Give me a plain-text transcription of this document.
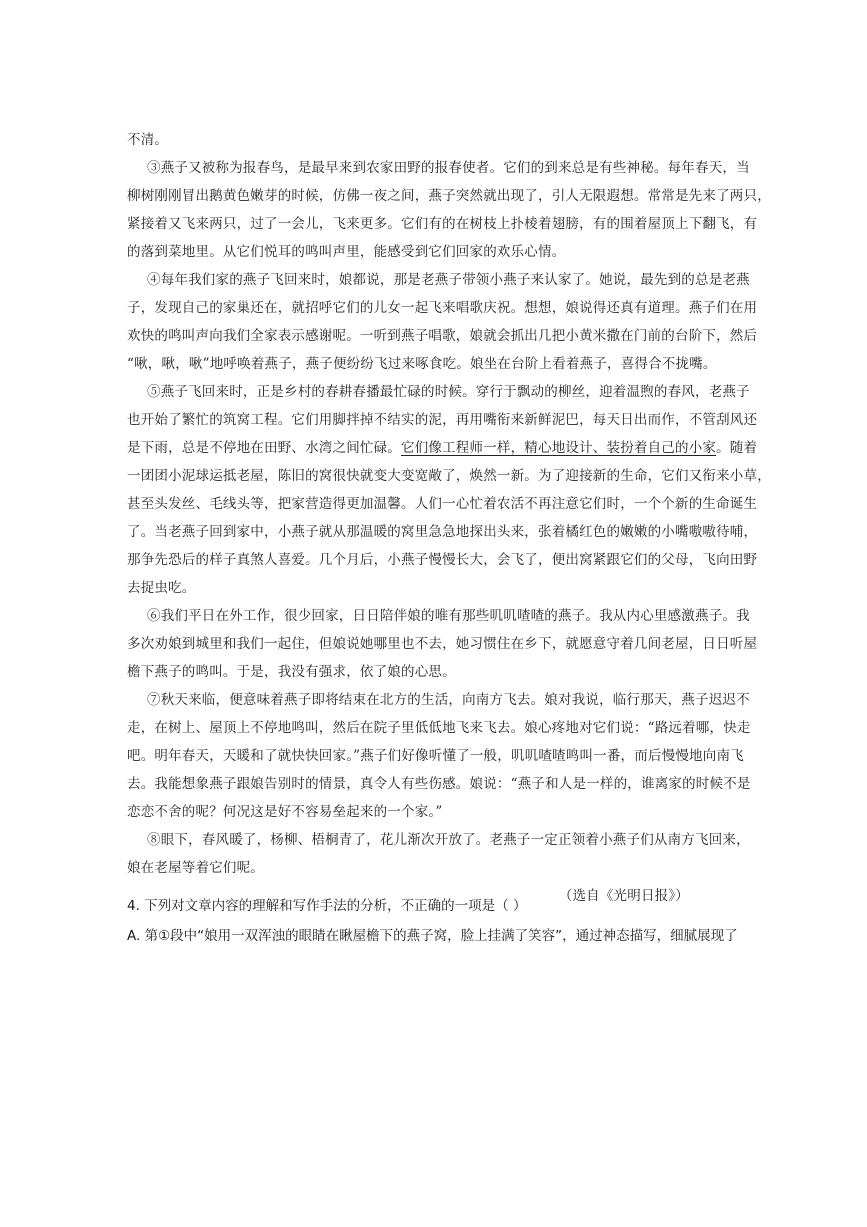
不清。
③燕子又被称为报春鸟，是最早来到农家田野的报春使者。它们的到来总是有些神秘。每年春天，当
柳树刚刚冒出鹅黄色嫩芽的时候，仿佛一夜之间，燕子突然就出现了，引人无限遐想。常常是先来了两只，
紧接着又飞来两只，过了一会儿，飞来更多。它们有的在树枝上扑棱着翅膀，有的围着屋顶上下翻飞，有
的落到菜地里。从它们悦耳的鸣叫声里，能感受到它们回家的欢乐心情。
④每年我们家的燕子飞回来时，娘都说，那是老燕子带领小燕子来认家了。她说，最先到的总是老燕
子，发现自己的家巢还在，就招呼它们的儿女一起飞来唱歌庆祝。想想，娘说得还真有道理。燕子们在用
欢快的鸣叫声向我们全家表示感谢呢。一听到燕子唱歌，娘就会抓出几把小黄米撒在门前的台阶下，然后
“啾，啾，啾”地呼唤着燕子，燕子便纷纷飞过来啄食吃。娘坐在台阶上看着燕子，喜得合不拢嘴。
⑤燕子飞回来时，正是乡村的春耕春播最忙碌的时候。穿行于飘动的柳丝，迎着温煦的春风，老燕子
也开始了繁忙的筑窝工程。它们用脚拌掉不结实的泥，再用嘴衔来新鲜泥巴，每天日出而作，不管刮风还
是下雨，总是不停地在田野、水湾之间忙碌。它们像工程师一样，精心地设计、装扮着自己的小家。随着
一团团小泥球运抵老屋，陈旧的窝很快就变大变宽敞了，焕然一新。为了迎接新的生命，它们又衔来小草，
甚至头发丝、毛线头等，把家营造得更加温馨。人们一心忙着农活不再注意它们时，一个个新的生命诞生
了。当老燕子回到家中，小燕子就从那温暖的窝里急急地探出头来，张着橘红色的嫩嫩的小嘴嗷嗷待哺，
那争先恐后的样子真煞人喜爱。几个月后，小燕子慢慢长大，会飞了，便出窝紧跟它们的父母，飞向田野
去捉虫吃。
⑥我们平日在外工作，很少回家，日日陪伴娘的唯有那些叽叽喳喳的燕子。我从内心里感激燕子。我
多次劝娘到城里和我们一起住，但娘说她哪里也不去，她习惯住在乡下，就愿意守着几间老屋，日日听屋
檐下燕子的鸣叫。于是，我没有强求，依了娘的心思。
⑦秋天来临，便意味着燕子即将结束在北方的生活，向南方飞去。娘对我说，临行那天，燕子迟迟不
走，在树上、屋顶上不停地鸣叫，然后在院子里低低地飞来飞去。娘心疼地对它们说：“路远着哪，快走
吧。明年春天，天暖和了就快快回家。”燕子们好像听懂了一般，叽叽喳喳鸣叫一番，而后慢慢地向南飞
去。我能想象燕子跟娘告别时的情景，真令人有些伤感。娘说：“燕子和人是一样的，谁离家的时候不是
恋恋不舍的呢？何况这是好不容易垒起来的一个家。”
⑧眼下，春风暖了，杨柳、梧桐青了，花儿渐次开放了。老燕子一定正领着小燕子们从南方飞回来，
娘在老屋等着它们呢。
（选自《光明日报》）
4. 下列对文章内容的理解和写作手法的分析，不正确的一项是（ ）
A. 第①段中“娘用一双浑浊的眼睛在瞅屋檐下的燕子窝，脸上挂满了笑容”，通过神态描写，细腻展现了
